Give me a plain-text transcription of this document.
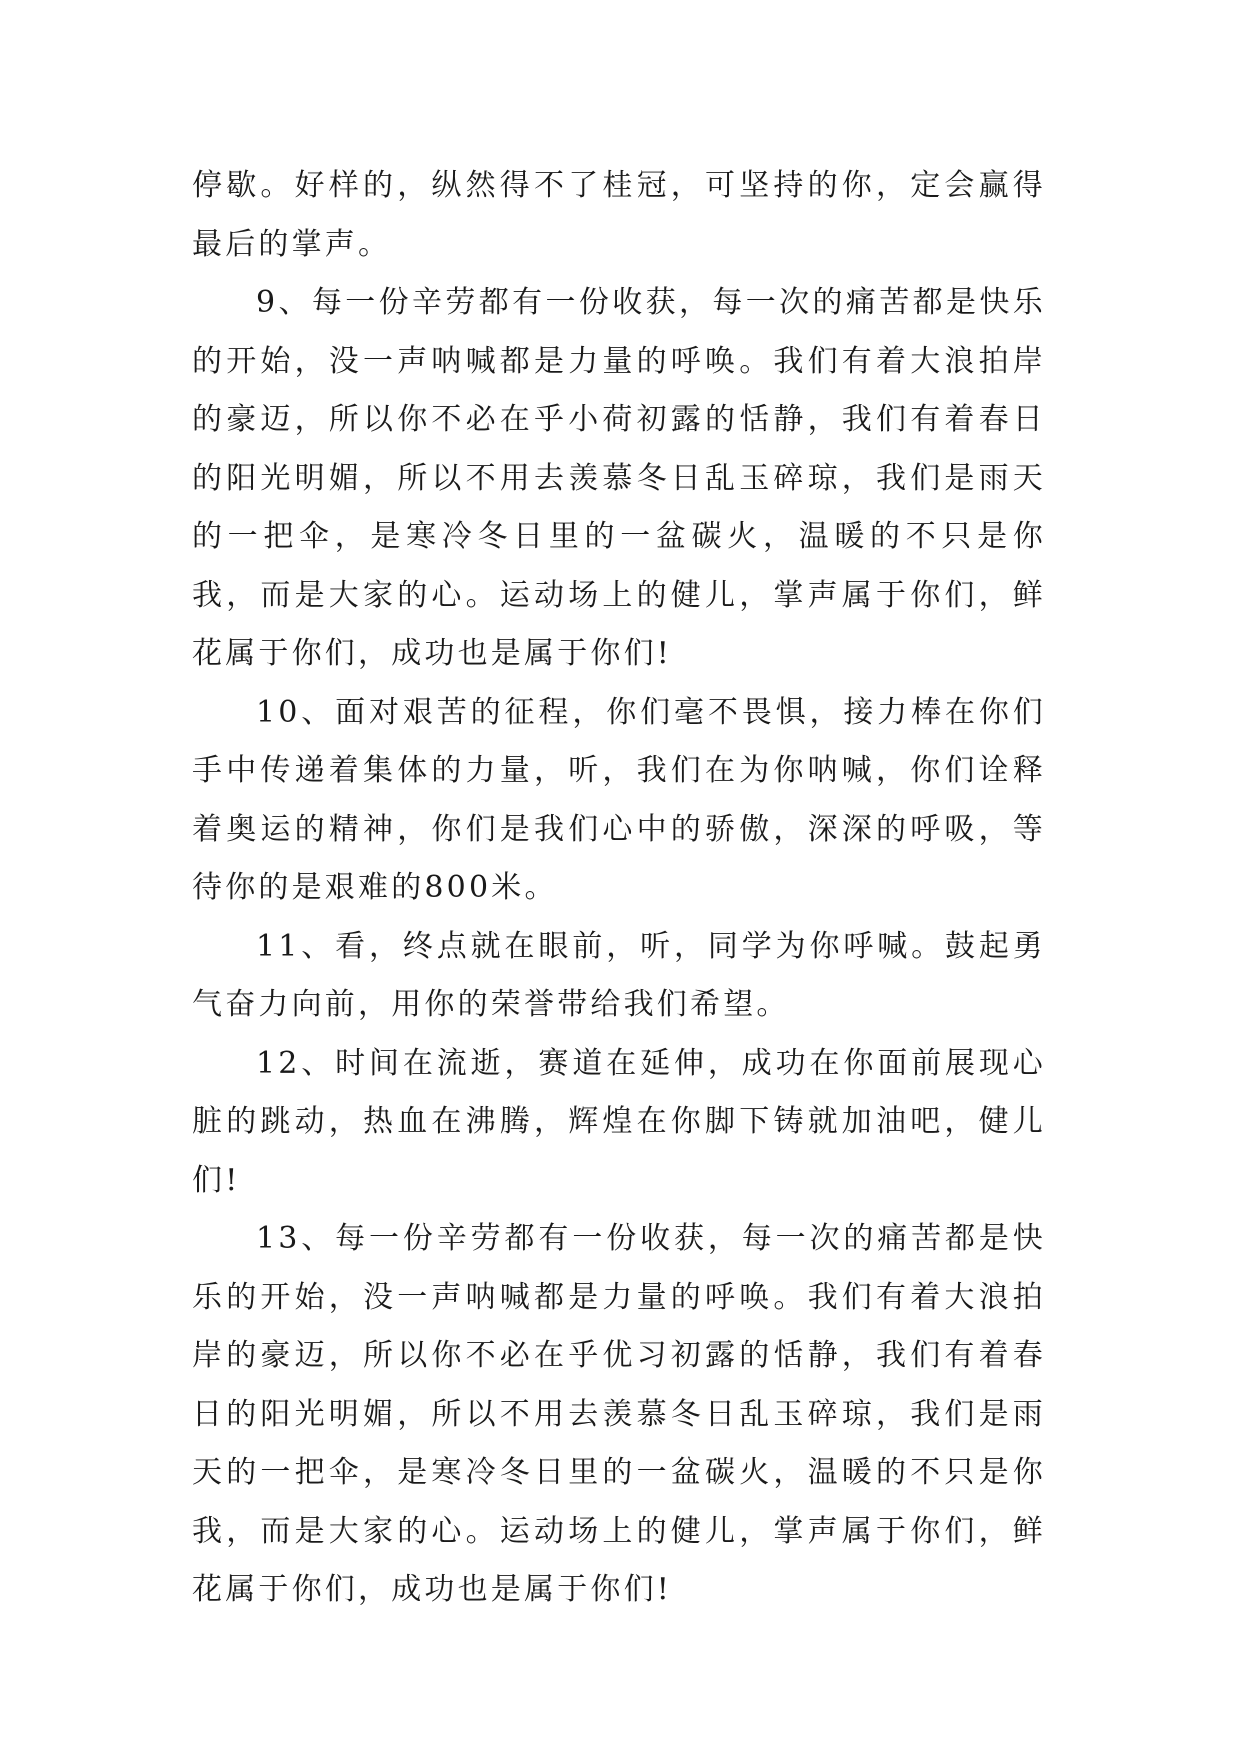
停歇。好样的，纵然得不了桂冠，可坚持的你，定会赢得最后的掌声。

9、每一份辛劳都有一份收获，每一次的痛苦都是快乐的开始，没一声呐喊都是力量的呼唤。我们有着大浪拍岸的豪迈，所以你不必在乎小荷初露的恬静，我们有着春日的阳光明媚，所以不用去羡慕冬日乱玉碎琼，我们是雨天的一把伞，是寒冷冬日里的一盆碳火，温暖的不只是你我，而是大家的心。运动场上的健儿，掌声属于你们，鲜花属于你们，成功也是属于你们!

10、面对艰苦的征程，你们毫不畏惧，接力棒在你们手中传递着集体的力量，听，我们在为你呐喊，你们诠释着奥运的精神，你们是我们心中的骄傲，深深的呼吸，等待你的是艰难的800米。

11、看，终点就在眼前，听，同学为你呼喊。鼓起勇气奋力向前，用你的荣誉带给我们希望。

12、时间在流逝，赛道在延伸，成功在你面前展现心脏的跳动，热血在沸腾，辉煌在你脚下铸就加油吧，健儿们!

13、每一份辛劳都有一份收获，每一次的痛苦都是快乐的开始，没一声呐喊都是力量的呼唤。我们有着大浪拍岸的豪迈，所以你不必在乎优习初露的恬静，我们有着春日的阳光明媚，所以不用去羡慕冬日乱玉碎琼，我们是雨天的一把伞，是寒冷冬日里的一盆碳火，温暖的不只是你我，而是大家的心。运动场上的健儿，掌声属于你们，鲜花属于你们，成功也是属于你们!
